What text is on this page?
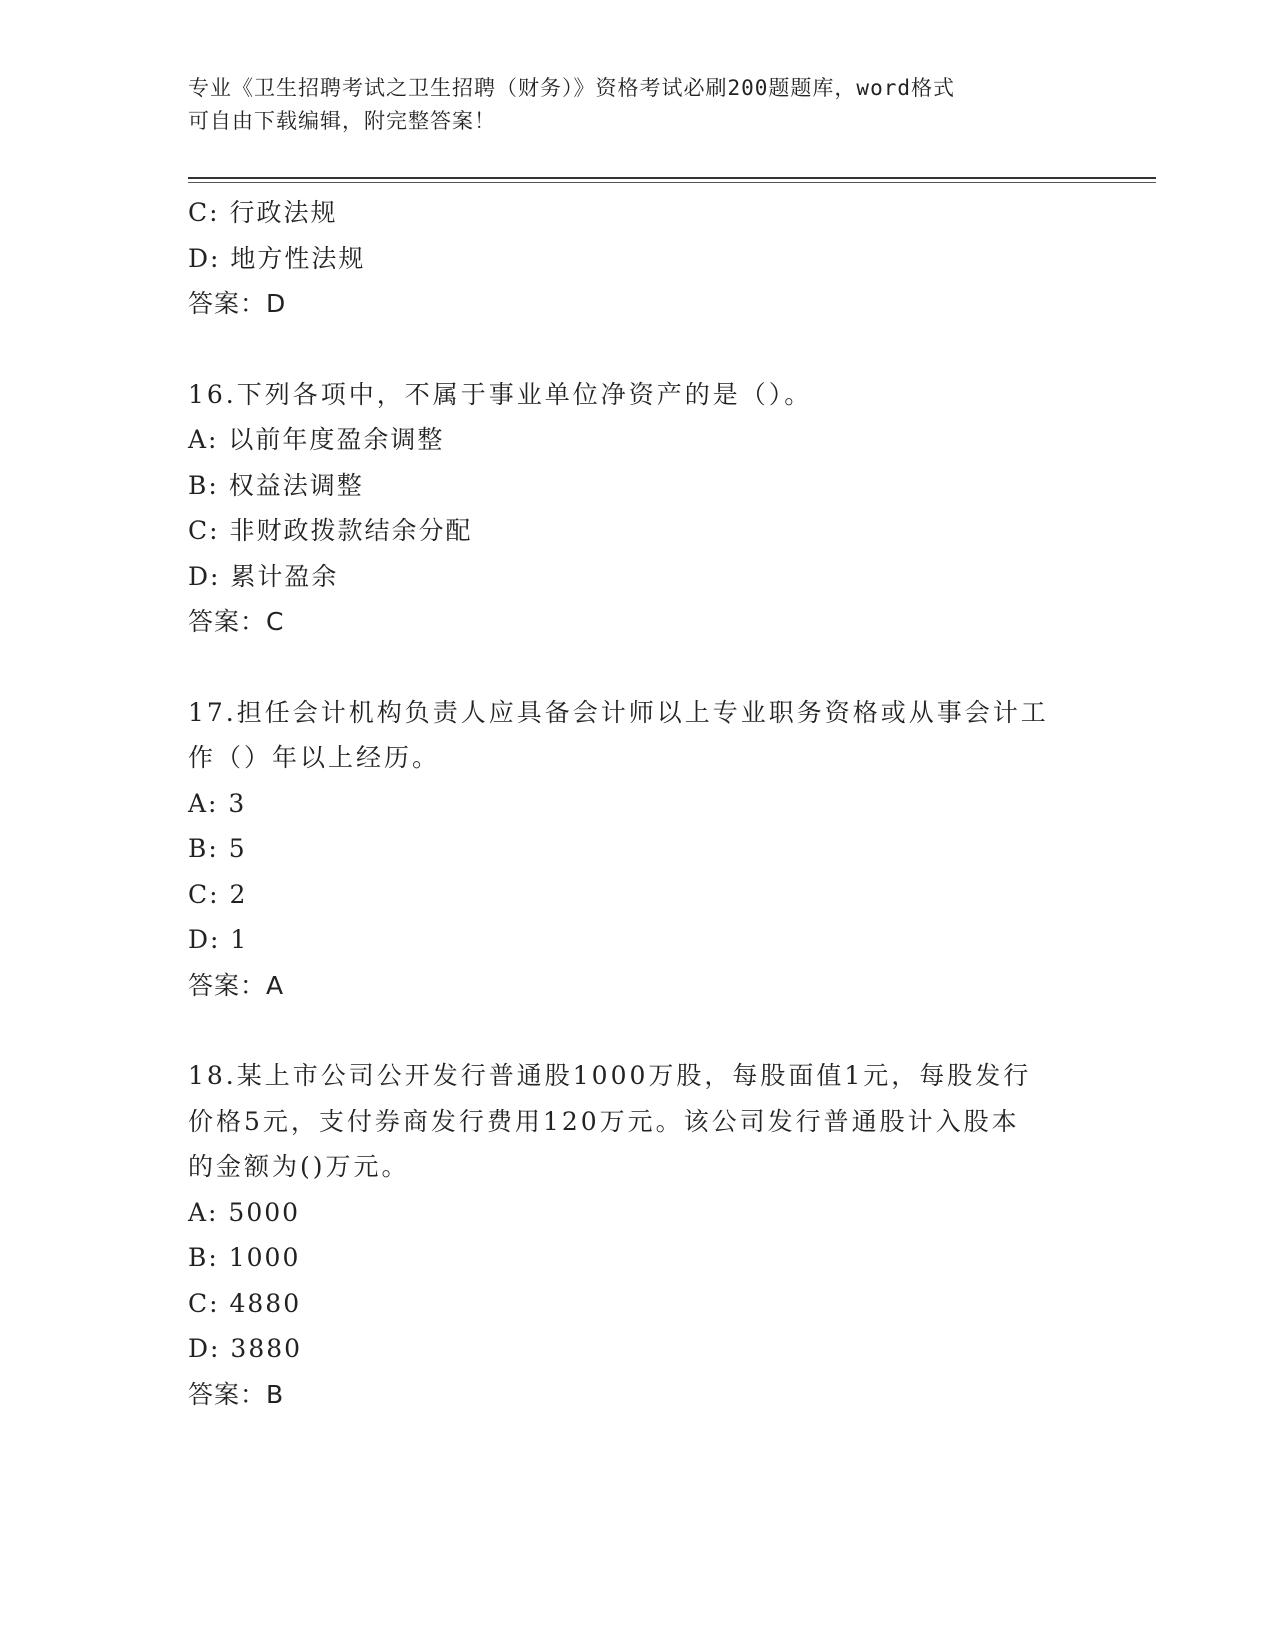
专业《卫生招聘考试之卫生招聘（财务）》资格考试必刷200题题库，word格式
可自由下载编辑，附完整答案！
C: 行政法规
D: 地方性法规
答案：D
16.下列各项中，不属于事业单位净资产的是（）。
A: 以前年度盈余调整
B: 权益法调整
C: 非财政拨款结余分配
D: 累计盈余
答案：C
17.担任会计机构负责人应具备会计师以上专业职务资格或从事会计工
作（）年以上经历。
A: 3
B: 5
C: 2
D: 1
答案：A
18.某上市公司公开发行普通股1000万股，每股面值1元，每股发行
价格5元，支付券商发行费用120万元。该公司发行普通股计入股本
的金额为()万元。
A: 5000
B: 1000
C: 4880
D: 3880
答案：B
